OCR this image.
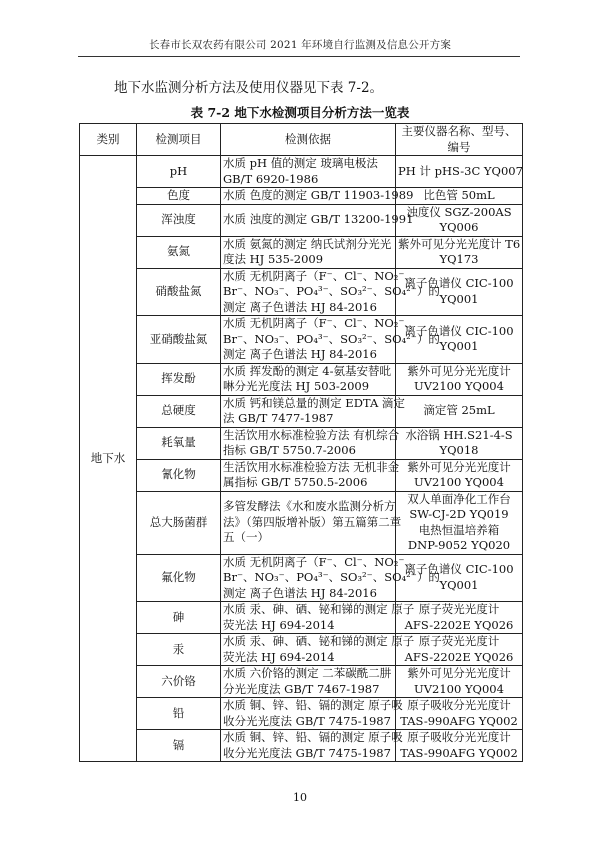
长春市长双农药有限公司 2021 年环境自行监测及信息公开方案
地下水监测分析方法及使用仪器见下表 7-2。
表 7-2 地下水检测项目分析方法一览表
类别	检测项目	检测依据	主要仪器名称、型号、编号
地下水	pH	水质 pH 值的测定 玻璃电极法
GB/T 6920-1986	PH 计 pHS-3C YQ007

	色度	水质 色度的测定 GB/T 11903-1989	比色管 50mL

	浑浊度	水质 浊度的测定 GB/T 13200-1991	浊度仪 SGZ-200AS
YQ006

	氨氮	水质 氨氮的测定 纳氏试剂分光光
度法 HJ 535-2009	紫外可见分光光度计 T6
YQ173

	硝酸盐氮	水质 无机阴离子（F⁻、Cl⁻、NO₂⁻、
Br⁻、NO₃⁻、PO₄³⁻、SO₃²⁻、SO₄²⁻）的
测定 离子色谱法 HJ 84-2016	离子色谱仪 CIC-100
YQ001

	亚硝酸盐氮	水质 无机阴离子（F⁻、Cl⁻、NO₂⁻、
Br⁻、NO₃⁻、PO₄³⁻、SO₃²⁻、SO₄²⁻）的
测定 离子色谱法 HJ 84-2016	离子色谱仪 CIC-100
YQ001

	挥发酚	水质 挥发酚的测定 4-氨基安替吡
啉分光光度法 HJ 503-2009	紫外可见分光光度计
UV2100 YQ004

	总硬度	水质 钙和镁总量的测定 EDTA 滴定
法 GB/T 7477-1987	滴定管 25mL

	耗氧量	生活饮用水标准检验方法 有机综合
指标 GB/T 5750.7-2006	水浴锅 HH.S21-4-S
YQ018

	氰化物	生活饮用水标准检验方法 无机非金
属指标 GB/T 5750.5-2006	紫外可见分光光度计
UV2100 YQ004

	总大肠菌群	多管发酵法《水和废水监测分析方
法》（第四版增补版）第五篇第二章
五（一）	双人单面净化工作台
SW-CJ-2D YQ019
电热恒温培养箱
DNP-9052 YQ020

	氟化物	水质 无机阴离子（F⁻、Cl⁻、NO₂⁻、
Br⁻、NO₃⁻、PO₄³⁻、SO₃²⁻、SO₄²⁻）的
测定 离子色谱法 HJ 84-2016	离子色谱仪 CIC-100
YQ001

	砷	水质 汞、砷、硒、铋和锑的测定 原子
荧光法 HJ 694-2014	原子荧光光度计
AFS-2202E YQ026

	汞	水质 汞、砷、硒、铋和锑的测定 原子
荧光法 HJ 694-2014	原子荧光光度计
AFS-2202E YQ026

	六价铬	水质 六价铬的测定 二苯碳酰二肼
分光光度法 GB/T 7467-1987	紫外可见分光光度计
UV2100 YQ004

	铅	水质 铜、锌、铅、镉的测定 原子吸
收分光光度法 GB/T 7475-1987	原子吸收分光光度计
TAS-990AFG YQ002

	镉	水质 铜、锌、铅、镉的测定 原子吸
收分光光度法 GB/T 7475-1987	原子吸收分光光度计
TAS-990AFG YQ002
10
